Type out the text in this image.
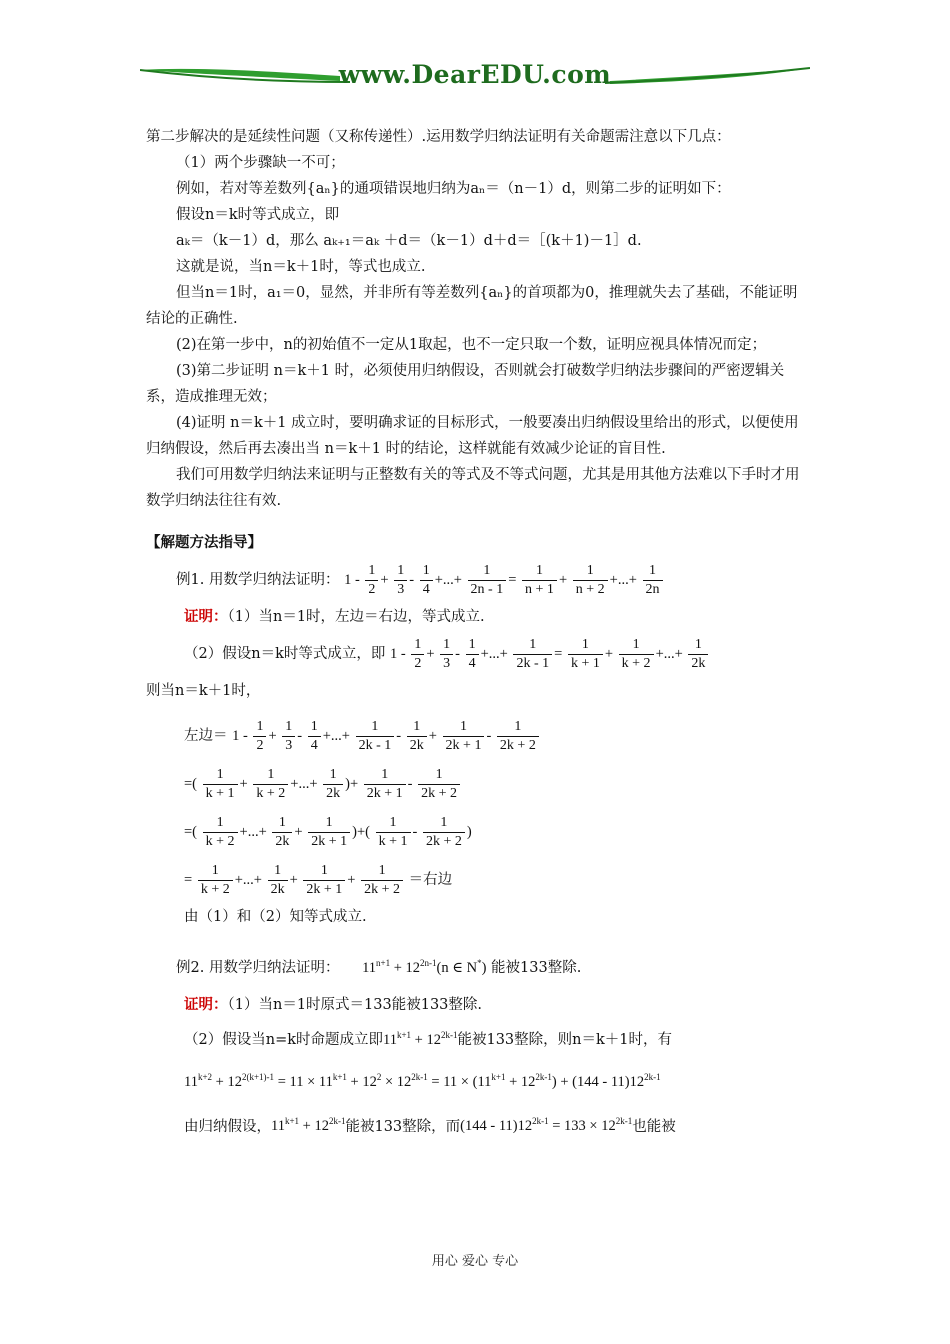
www.DearEDU.com
第二步解决的是延续性问题（又称传递性）.运用数学归纳法证明有关命题需注意以下几点：
（1）两个步骤缺一不可；
例如，若对等差数列{aₙ}的通项错误地归纳为aₙ＝（n－1）d，则第二步的证明如下：
假设n＝k时等式成立，即
aₖ＝（k－1）d，那么 aₖ₊₁＝aₖ ＋d＝（k－1）d＋d＝［(k＋1)－1］d.
这就是说，当n＝k＋1时，等式也成立.
但当n＝1时，a₁＝0，显然，并非所有等差数列{aₙ}的首项都为0，推理就失去了基础，不能证明结论的正确性.
(2)在第一步中，n的初始值不一定从1取起，也不一定只取一个数，证明应视具体情况而定；
(3)第二步证明 n＝k＋1 时，必须使用归纳假设，否则就会打破数学归纳法步骤间的严密逻辑关系，造成推理无效；
(4)证明 n＝k＋1 成立时，要明确求证的目标形式，一般要凑出归纳假设里给出的形式，以便使用归纳假设，然后再去凑出当 n＝k＋1 时的结论，这样就能有效减少论证的盲目性.
我们可用数学归纳法来证明与正整数有关的等式及不等式问题，尤其是用其他方法难以下手时才用数学归纳法往往有效.
【解题方法指导】
例1. 用数学归纳法证明： $1 - \frac{1}{2} + \frac{1}{3} - \frac{1}{4}$ +...+ $\frac{1}{2n - 1} = \frac{1}{n + 1} + \frac{1}{n + 2}$ +...+ $\frac{1}{2n}$
证明：（1）当n＝1时，左边＝右边，等式成立.
（2）假设n＝k时等式成立，即 $1 - \frac{1}{2} + \frac{1}{3} - \frac{1}{4}$ +...+ $\frac{1}{2k - 1} = \frac{1}{k + 1} + \frac{1}{k + 2}$ +...+ $\frac{1}{2k}$
则当n＝k＋1时，
左边＝ $1 - \frac{1}{2} + \frac{1}{3} - \frac{1}{4}$ +...+ $\frac{1}{2k - 1} - \frac{1}{2k} + \frac{1}{2k + 1} - \frac{1}{2k + 2}$
=( $\frac{1}{k + 1} + \frac{1}{k + 2}$ +...+ $\frac{1}{2k}$ )+ $\frac{1}{2k + 1} - \frac{1}{2k + 2}$
=( $\frac{1}{k + 2}$ +...+ $\frac{1}{2k} + \frac{1}{2k + 1}$ )+( $\frac{1}{k + 1} - \frac{1}{2k + 2}$ )
= $\frac{1}{k + 2}$ +...+ $\frac{1}{2k} + \frac{1}{2k + 1} + \frac{1}{2k + 2}$ ＝右边
由（1）和（2）知等式成立.
例2. 用数学归纳法证明： $11^{n+1} + 12^{2n-1}(n$ ∈ N*) 能被133整除.
证明：（1）当n＝1时原式＝133能被133整除.
（2）假设当n=k时命题成立即$11^{k+1} + 12^{2k-1}$能被133整除，则n＝k＋1时，有
$11^{k+2} + 12^{2(k+1)-1} = 11 \times 11^{k+1} + 12^2 \times 12^{2k-1} = 11 \times (11^{k+1} + 12^{2k-1}) + (144 - 11)12^{2k-1}$
由归纳假设，$11^{k+1} + 12^{2k-1}$能被133整除，而$(144 - 11)12^{2k-1} = 133 \times 12^{2k-1}$也能被
用心 爱心 专心
